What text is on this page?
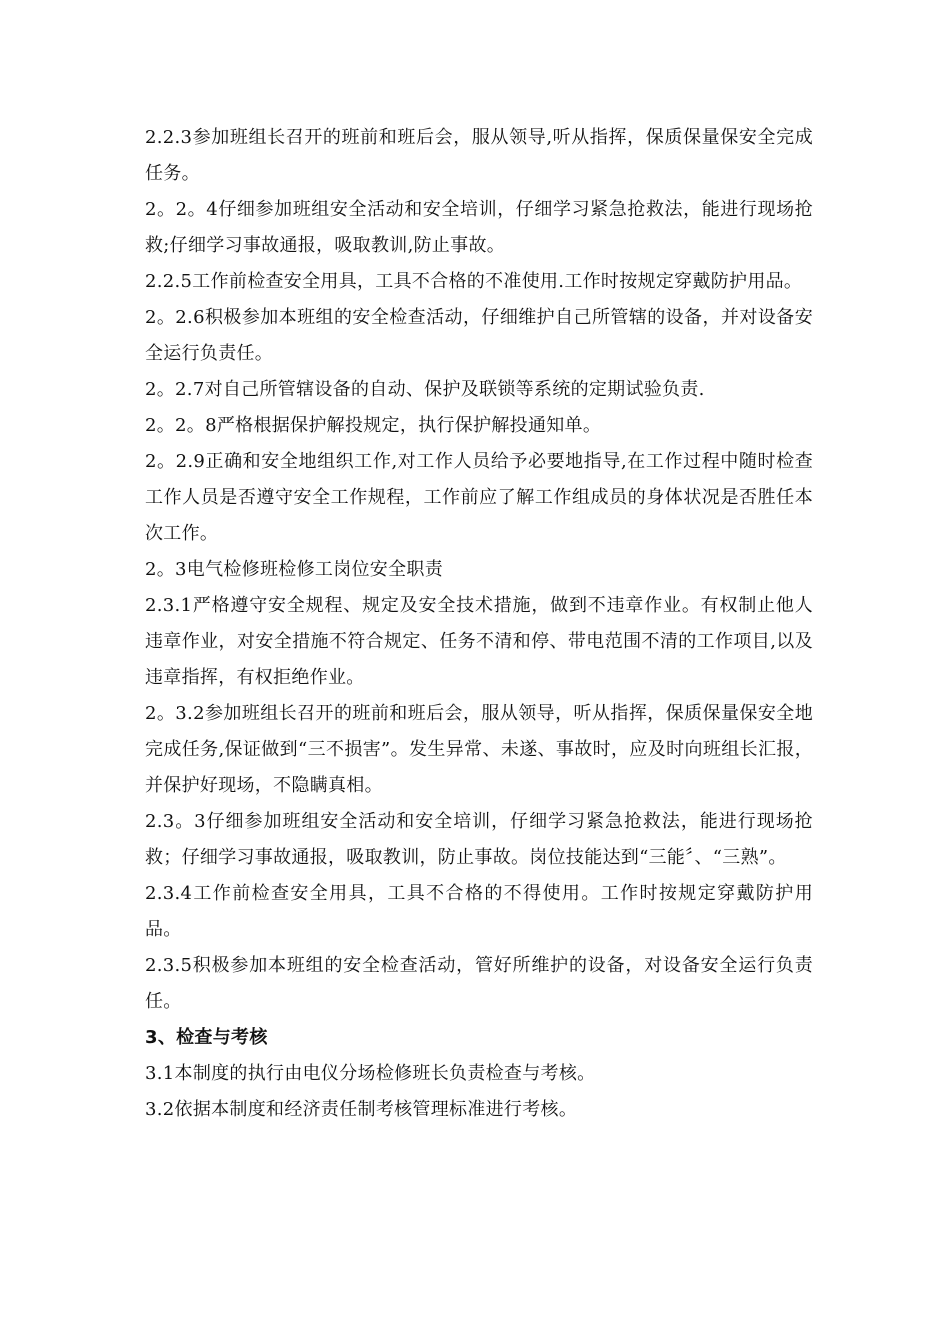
2.2.3参加班组长召开的班前和班后会，服从领导,听从指挥，保质保量保安全完成任务。

2。2。4仔细参加班组安全活动和安全培训，仔细学习紧急抢救法，能进行现场抢救;仔细学习事故通报，吸取教训,防止事故。

2.2.5工作前检查安全用具，工具不合格的不准使用.工作时按规定穿戴防护用品。

2。2.6积极参加本班组的安全检查活动，仔细维护自己所管辖的设备，并对设备安全运行负责任。

2。2.7对自己所管辖设备的自动、保护及联锁等系统的定期试验负责.

2。2。8严格根据保护解投规定，执行保护解投通知单。

2。2.9正确和安全地组织工作,对工作人员给予必要地指导,在工作过程中随时检查工作人员是否遵守安全工作规程，工作前应了解工作组成员的身体状况是否胜任本次工作。

2。3电气检修班检修工岗位安全职责

2.3.1严格遵守安全规程、规定及安全技术措施，做到不违章作业。有权制止他人违章作业，对安全措施不符合规定、任务不清和停、带电范围不清的工作项目,以及违章指挥，有权拒绝作业。

2。3.2参加班组长召开的班前和班后会，服从领导，听从指挥，保质保量保安全地完成任务,保证做到“三不损害”。发生异常、未遂、事故时，应及时向班组长汇报，并保护好现场，不隐瞒真相。

2.3。3仔细参加班组安全活动和安全培训，仔细学习紧急抢救法，能进行现场抢救；仔细学习事故通报，吸取教训，防止事故。岗位技能达到“三能〞、“三熟”。

2.3.4工作前检查安全用具，工具不合格的不得使用。工作时按规定穿戴防护用品。

2.3.5积极参加本班组的安全检查活动，管好所维护的设备，对设备安全运行负责任。

3、检查与考核

3.1本制度的执行由电仪分场检修班长负责检查与考核。

3.2依据本制度和经济责任制考核管理标准进行考核。
